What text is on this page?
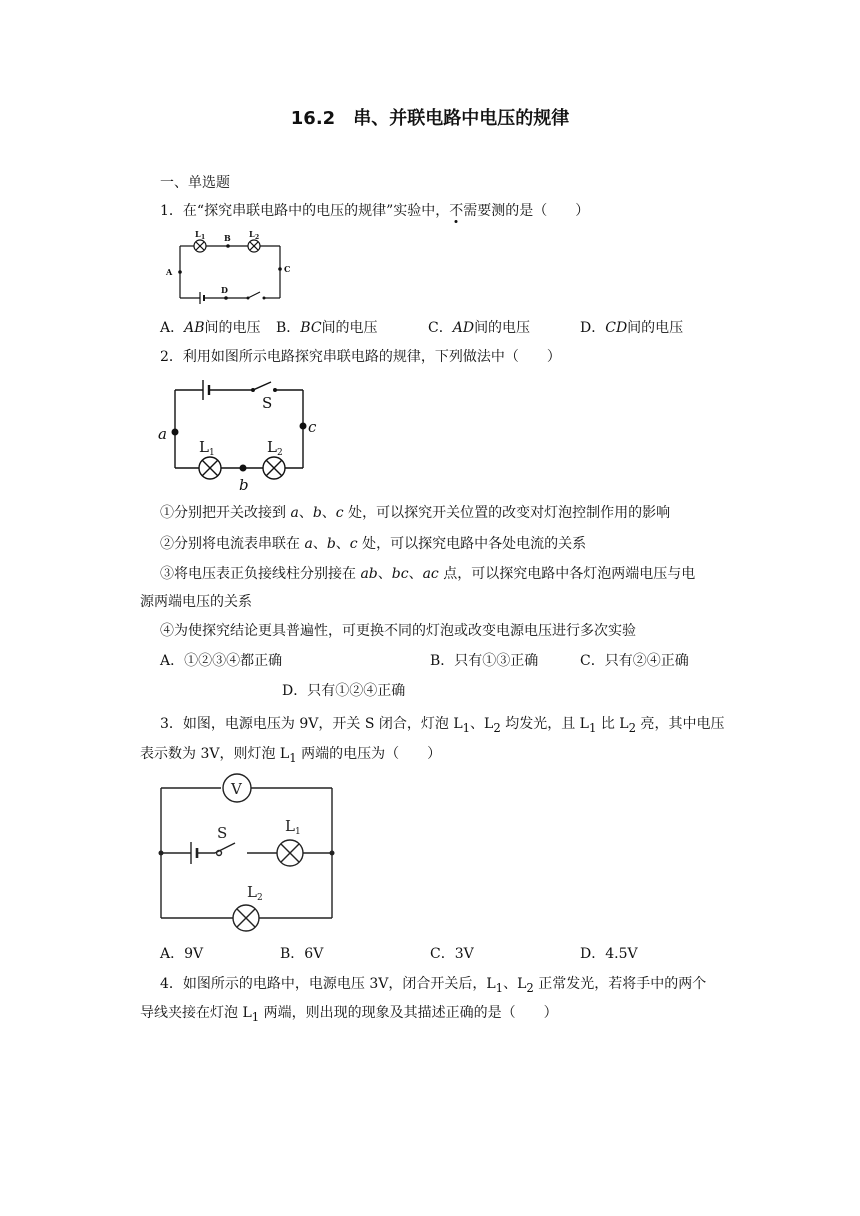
16.2　串、并联电路中电压的规律
一、单选题
1．在“探究串联电路中的电压的规律”实验中，不需要测的是（　　）
L 1 B L 2
A	C
D
A．AB间的电压 B．BC间的电压	C．AD间的电压	D．CD间的电压
2．利用如图所示电路探究串联电路的规律，下列做法中（　　）
S
a	c
b
L 1	L 2
①分别把开关改接到 a、b、c 处，可以探究开关位置的改变对灯泡控制作用的影响
②分别将电流表串联在 a、b、c 处，可以探究电路中各处电流的关系
③将电压表正负接线柱分别接在 ab、bc、ac 点，可以探究电路中各灯泡两端电压与电
源两端电压的关系
④为使探究结论更具普遍性，可更换不同的灯泡或改变电源电压进行多次实验
A．①②③④都正确	B．只有①③正确	C．只有②④正确
D．只有①②④正确
3．如图，电源电压为 9V，开关 S 闭合，灯泡 $L_1$、$L_2$ 均发光，且 $L_1$ 比 $L_2$ 亮，其中电压
表示数为 3V，则灯泡 $L_1$ 两端的电压为（　　）
V
S	L 1
L 2
A．9V	B．6V	C．3V	D．4.5V
4．如图所示的电路中，电源电压 3V，闭合开关后，$L_1$、$L_2$ 正常发光，若将手中的两个
导线夹接在灯泡 $L_1$ 两端，则出现的现象及其描述正确的是（　　）
